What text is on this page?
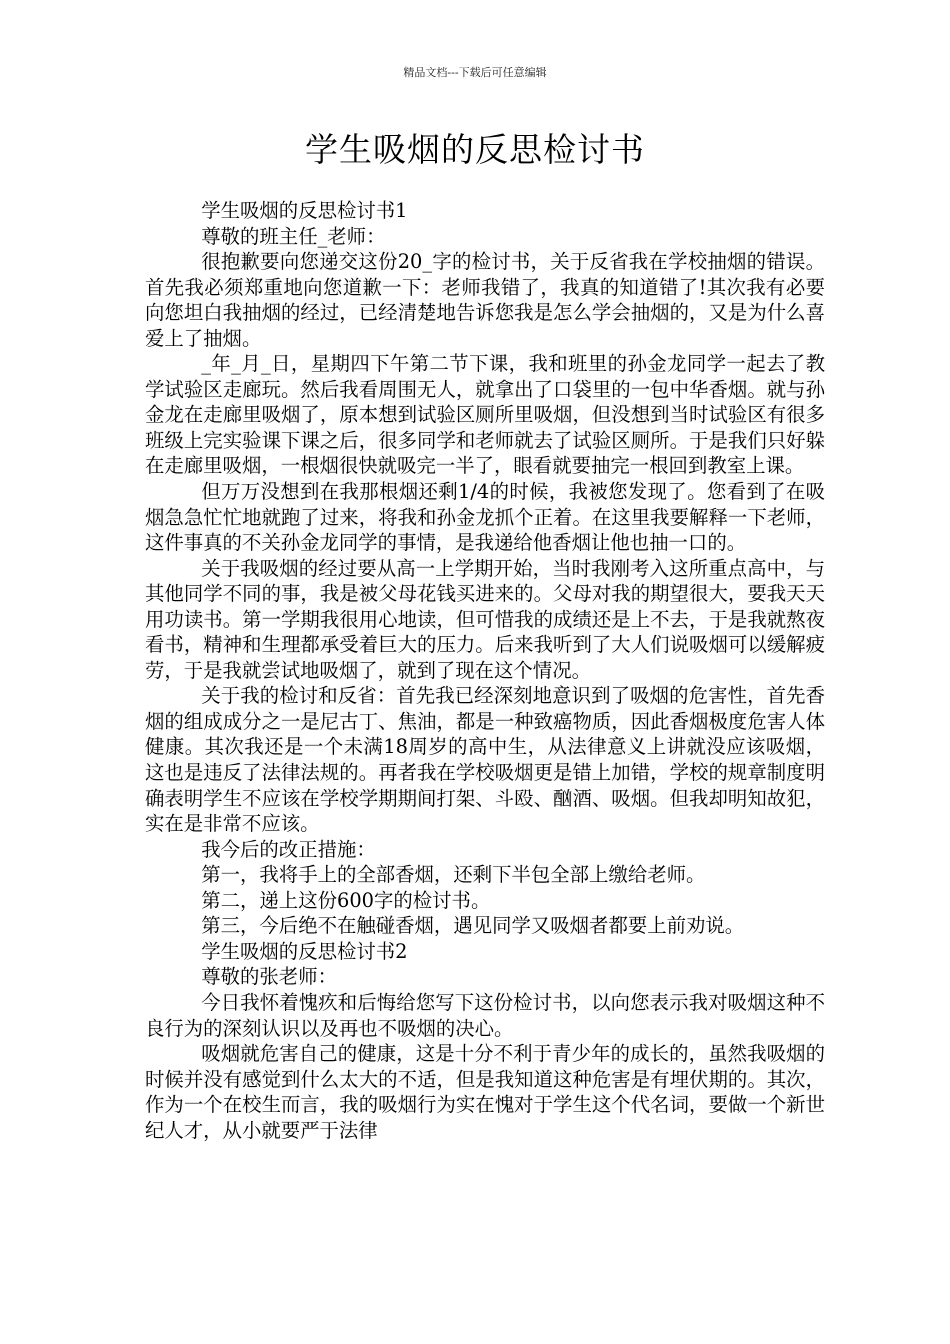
精品文档---下载后可任意编辑
学生吸烟的反思检讨书

学生吸烟的反思检讨书1

尊敬的班主任_老师：

很抱歉要向您递交这份20_字的检讨书，关于反省我在学校抽烟的错误。首先我必须郑重地向您道歉一下：老师我错了，我真的知道错了!其次我有必要向您坦白我抽烟的经过，已经清楚地告诉您我是怎么学会抽烟的，又是为什么喜爱上了抽烟。

_年_月_日，星期四下午第二节下课，我和班里的孙金龙同学一起去了教学试验区走廊玩。然后我看周围无人，就拿出了口袋里的一包中华香烟。就与孙金龙在走廊里吸烟了，原本想到试验区厕所里吸烟，但没想到当时试验区有很多班级上完实验课下课之后，很多同学和老师就去了试验区厕所。于是我们只好躲在走廊里吸烟，一根烟很快就吸完一半了，眼看就要抽完一根回到教室上课。

但万万没想到在我那根烟还剩1/4的时候，我被您发现了。您看到了在吸烟急急忙忙地就跑了过来，将我和孙金龙抓个正着。在这里我要解释一下老师，这件事真的不关孙金龙同学的事情，是我递给他香烟让他也抽一口的。

关于我吸烟的经过要从高一上学期开始，当时我刚考入这所重点高中，与其他同学不同的事，我是被父母花钱买进来的。父母对我的期望很大，要我天天用功读书。第一学期我很用心地读，但可惜我的成绩还是上不去，于是我就熬夜看书，精神和生理都承受着巨大的压力。后来我听到了大人们说吸烟可以缓解疲劳，于是我就尝试地吸烟了，就到了现在这个情况。

关于我的检讨和反省：首先我已经深刻地意识到了吸烟的危害性，首先香烟的组成成分之一是尼古丁、焦油，都是一种致癌物质，因此香烟极度危害人体健康。其次我还是一个未满18周岁的高中生，从法律意义上讲就没应该吸烟，这也是违反了法律法规的。再者我在学校吸烟更是错上加错，学校的规章制度明确表明学生不应该在学校学期期间打架、斗殴、酗酒、吸烟。但我却明知故犯，实在是非常不应该。

我今后的改正措施：

第一，我将手上的全部香烟，还剩下半包全部上缴给老师。

第二，递上这份600字的检讨书。

第三，今后绝不在触碰香烟，遇见同学又吸烟者都要上前劝说。

学生吸烟的反思检讨书2

尊敬的张老师：

今日我怀着愧疚和后悔给您写下这份检讨书，以向您表示我对吸烟这种不良行为的深刻认识以及再也不吸烟的决心。

吸烟就危害自己的健康，这是十分不利于青少年的成长的，虽然我吸烟的时候并没有感觉到什么太大的不适，但是我知道这种危害是有埋伏期的。其次，作为一个在校生而言，我的吸烟行为实在愧对于学生这个代名词，要做一个新世纪人才，从小就要严于法律
